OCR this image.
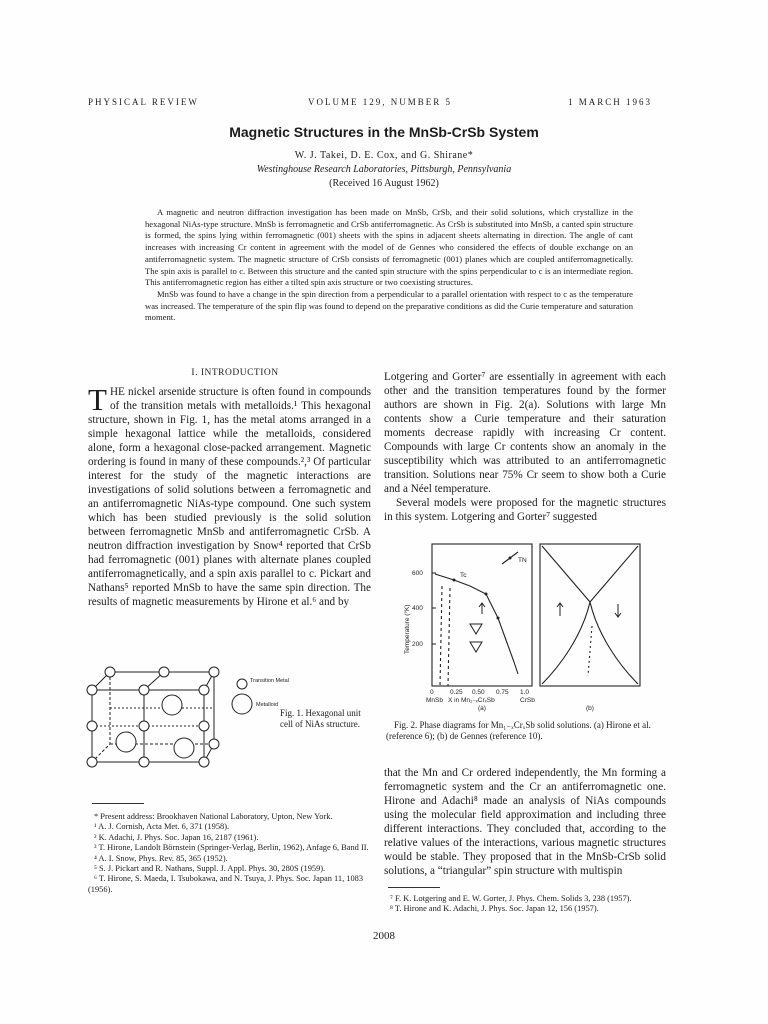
PHYSICAL REVIEW	VOLUME 129, NUMBER 5	1 MARCH 1963
Magnetic Structures in the MnSb-CrSb System
W. J. Takei, D. E. Cox, and G. Shirane*
Westinghouse Research Laboratories, Pittsburgh, Pennsylvania
(Received 16 August 1962)

A magnetic and neutron diffraction investigation has been made on MnSb, CrSb, and their solid solutions, which crystallize in the hexagonal NiAs-type structure. MnSb is ferromagnetic and CrSb antiferromagnetic. As CrSb is substituted into MnSb, a canted spin structure is formed, the spins lying within ferromagnetic (001) sheets with the spins in adjacent sheets alternating in direction. The angle of cant increases with increasing Cr content in agreement with the model of de Gennes who considered the effects of double exchange on an antiferromagnetic system. The magnetic structure of CrSb consists of ferromagnetic (001) planes which are coupled antiferromagnetically. The spin axis is parallel to c. Between this structure and the canted spin structure with the spins perpendicular to c is an intermediate region. This antiferromagnetic region has either a tilted spin axis structure or two coexisting structures.

MnSb was found to have a change in the spin direction from a perpendicular to a parallel orientation with respect to c as the temperature was increased. The temperature of the spin flip was found to depend on the preparative conditions as did the Curie temperature and saturation moment.

I. INTRODUCTION

THE nickel arsenide structure is often found in compounds of the transition metals with metalloids.¹ This hexagonal structure, shown in Fig. 1, has the metal atoms arranged in a simple hexagonal lattice while the metalloids, considered alone, form a hexagonal close-packed arrangement. Magnetic ordering is found in many of these compounds.²,³ Of particular interest for the study of the magnetic interactions are investigations of solid solutions between a ferromagnetic and an antiferromagnetic NiAs-type compound. One such system which has been studied previously is the solid solution between ferromagnetic MnSb and antiferromagnetic CrSb. A neutron diffraction investigation by Snow⁴ reported that CrSb had ferromagnetic (001) planes with alternate planes coupled antiferromagnetically, and a spin axis parallel to c. Pickart and Nathans⁵ reported MnSb to have the same spin direction. The results of magnetic measurements by Hirone et al.⁶ and by

Lotgering and Gorter⁷ are essentially in agreement with each other and the transition temperatures found by the former authors are shown in Fig. 2(a). Solutions with large Mn contents show a Curie temperature and their saturation moments decrease rapidly with increasing Cr content. Compounds with large Cr contents show an anomaly in the susceptibility which was attributed to an antiferromagnetic transition. Solutions near 75% Cr seem to show both a Curie and a Néel temperature.

Several models were proposed for the magnetic structures in this system. Lotgering and Gorter⁷ suggested

600
400
200
0	0.25 0.50 0.75 1.0
MnSb X in Mn₁₋ₓCrₓSb	CrSb
Tc
TN
(a)	(b)
Temperature (°K)
Fig. 2. Phase diagrams for Mn₁₋ₓCrₓSb solid solutions. (a) Hirone et al. (reference 6); (b) de Gennes (reference 10).
Transition Metal
Metalloid
Fig. 1. Hexagonal unit cell of NiAs structure.

that the Mn and Cr ordered independently, the Mn forming a ferromagnetic system and the Cr an antiferromagnetic one. Hirone and Adachi⁸ made an analysis of NiAs compounds using the molecular field approximation and including three different interactions. They concluded that, according to the relative values of the interactions, various magnetic structures would be stable. They proposed that in the MnSb-CrSb solid solutions, a “triangular” spin structure with multispin

* Present address: Brookhaven National Laboratory, Upton, New York.

¹ A. J. Cornish, Acta Met. 6, 371 (1958).

² K. Adachi, J. Phys. Soc. Japan 16, 2187 (1961).

³ T. Hirone, Landolt Börnstein (Springer-Verlag, Berlin, 1962), Anfage 6, Band II.

⁴ A. I. Snow, Phys. Rev. 85, 365 (1952).

⁵ S. J. Pickart and R. Nathans, Suppl. J. Appl. Phys. 30, 280S (1959).

⁶ T. Hirone, S. Maeda, I. Tsubokawa, and N. Tsuya, J. Phys. Soc. Japan 11, 1083 (1956).

⁷ F. K. Lotgering and E. W. Gorter, J. Phys. Chem. Solids 3, 238 (1957).

⁸ T. Hirone and K. Adachi, J. Phys. Soc. Japan 12, 156 (1957).

2008
